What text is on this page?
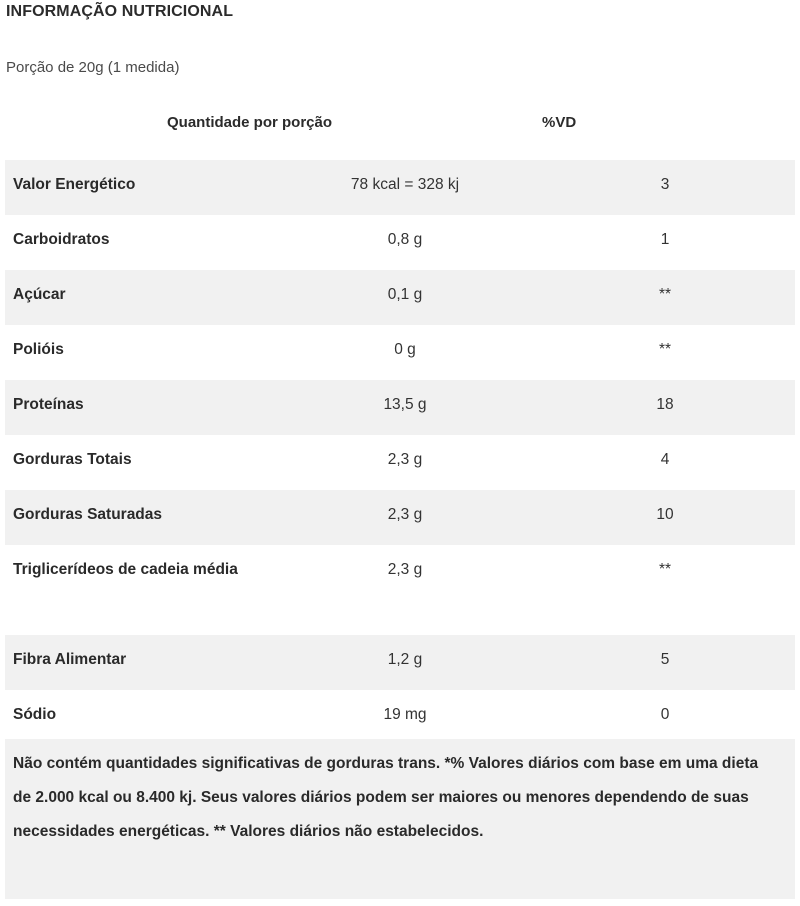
INFORMAÇÃO NUTRICIONAL
Porção de 20g (1 medida)
Quantidade por porção	%VD
Valor Energético	78 kcal = 328 kj	3
Carboidratos	0,8 g	1
Açúcar	0,1 g	**
Polióis	0 g	**
Proteínas	13,5 g	18
Gorduras Totais	2,3 g	4
Gorduras Saturadas	2,3 g	10
Triglicerídeos de cadeia média	2,3 g	**
Fibra Alimentar	1,2 g	5
Sódio	19 mg	0
Não contém quantidades significativas de gorduras trans. *% Valores diários com base em uma dieta de 2.000 kcal ou 8.400 kj. Seus valores diários podem ser maiores ou menores dependendo de suas necessidades energéticas. ** Valores diários não estabelecidos.
